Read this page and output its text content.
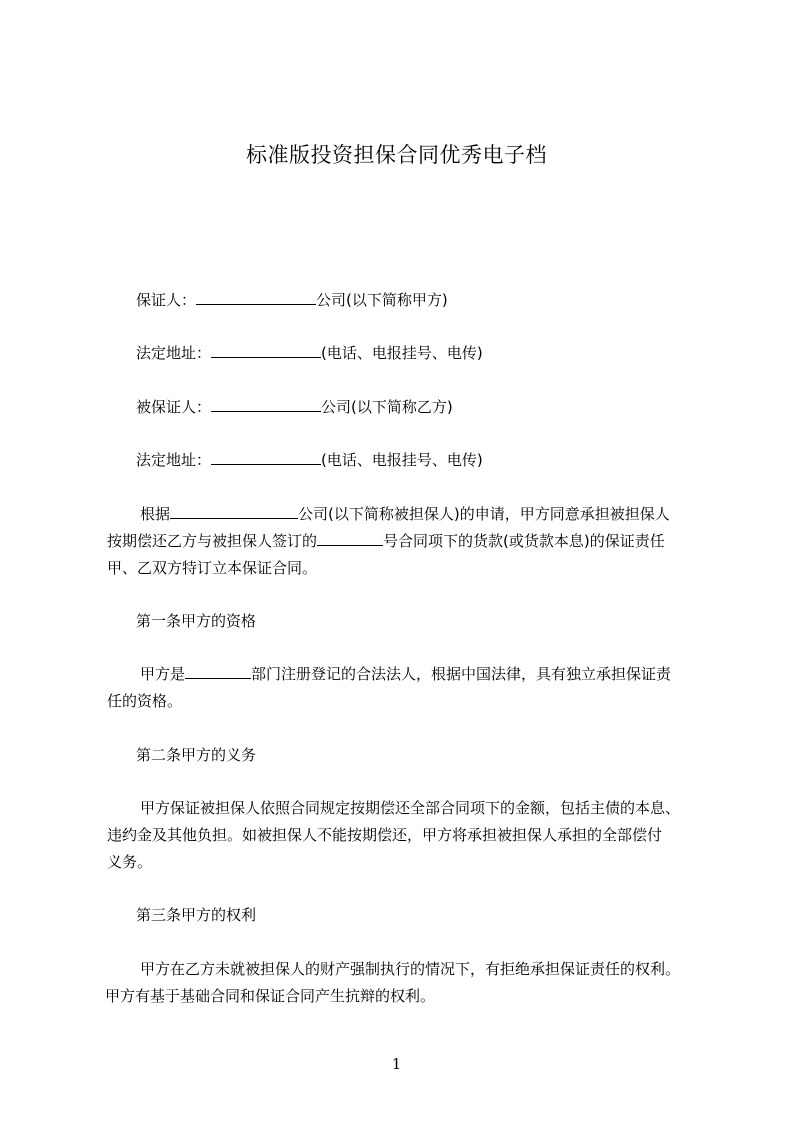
标准版投资担保合同优秀电子档
保证人：	公司(以下简称甲方)
法定地址：	(电话、电报挂号、电传)
被保证人：	公司(以下简称乙方)
法定地址：	(电话、电报挂号、电传)
根据	公司(以下简称被担保人)的申请，甲方同意承担被担保人
按期偿还乙方与被担保人签订的	号合同项下的货款(或货款本息)的保证责任
甲、乙双方特订立本保证合同。
第一条甲方的资格
甲方是	部门注册登记的合法法人，根据中国法律，具有独立承担保证责
任的资格。
第二条甲方的义务
甲方保证被担保人依照合同规定按期偿还全部合同项下的金额，包括主债的本息、
违约金及其他负担。如被担保人不能按期偿还，甲方将承担被担保人承担的全部偿付
义务。
第三条甲方的权利
甲方在乙方未就被担保人的财产强制执行的情况下，有拒绝承担保证责任的权利。
甲方有基于基础合同和保证合同产生抗辩的权利。
1
